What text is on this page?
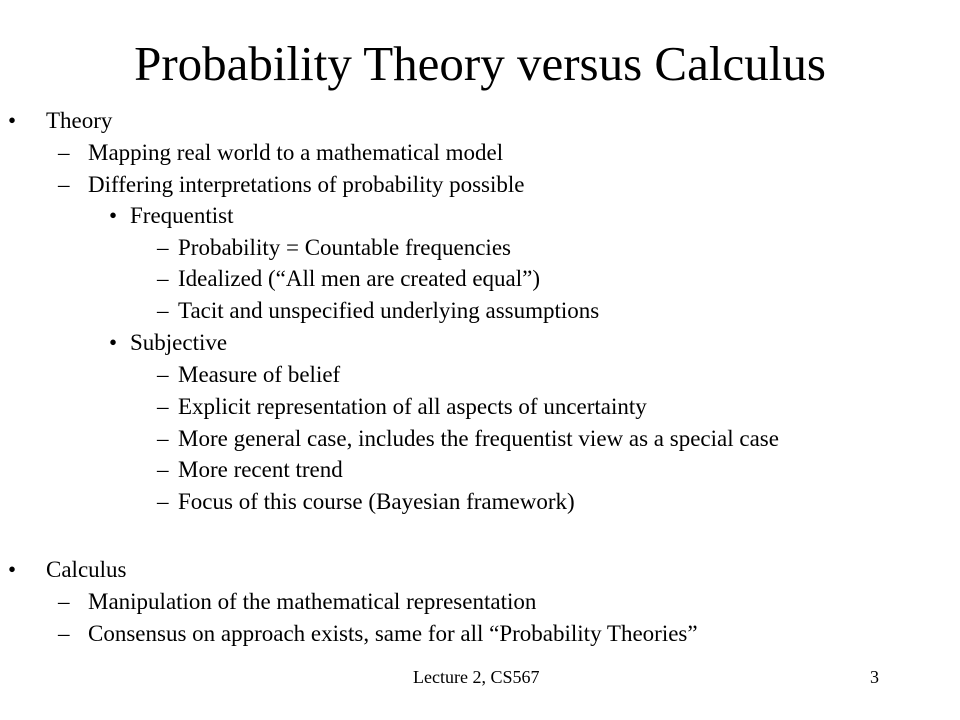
Probability Theory versus Calculus
• Theory
– Mapping real world to a mathematical model
– Differing interpretations of probability possible
• Frequentist
– Probability = Countable frequencies
– Idealized (“All men are created equal”)
– Tacit and unspecified underlying assumptions
• Subjective
– Measure of belief
– Explicit representation of all aspects of uncertainty
– More general case, includes the frequentist view as a special case
– More recent trend
– Focus of this course (Bayesian framework)
• Calculus
– Manipulation of the mathematical representation
– Consensus on approach exists, same for all “Probability Theories”
Lecture 2, CS567	3
